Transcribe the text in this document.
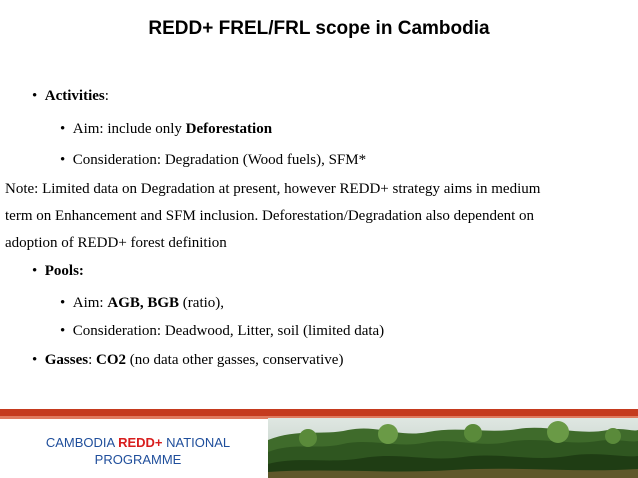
REDD+ FREL/FRL scope in Cambodia
• Activities:
• Aim: include only Deforestation
• Consideration: Degradation (Wood fuels), SFM*
Note: Limited data on Degradation at present, however REDD+ strategy aims in medium
term on Enhancement and SFM inclusion. Deforestation/Degradation also dependent on
adoption of REDD+ forest definition
• Pools:
• Aim: AGB, BGB (ratio),
• Consideration: Deadwood, Litter, soil (limited data)
• Gasses: CO2 (no data other gasses, conservative)
CAMBODIA REDD+ NATIONAL
PROGRAMME
